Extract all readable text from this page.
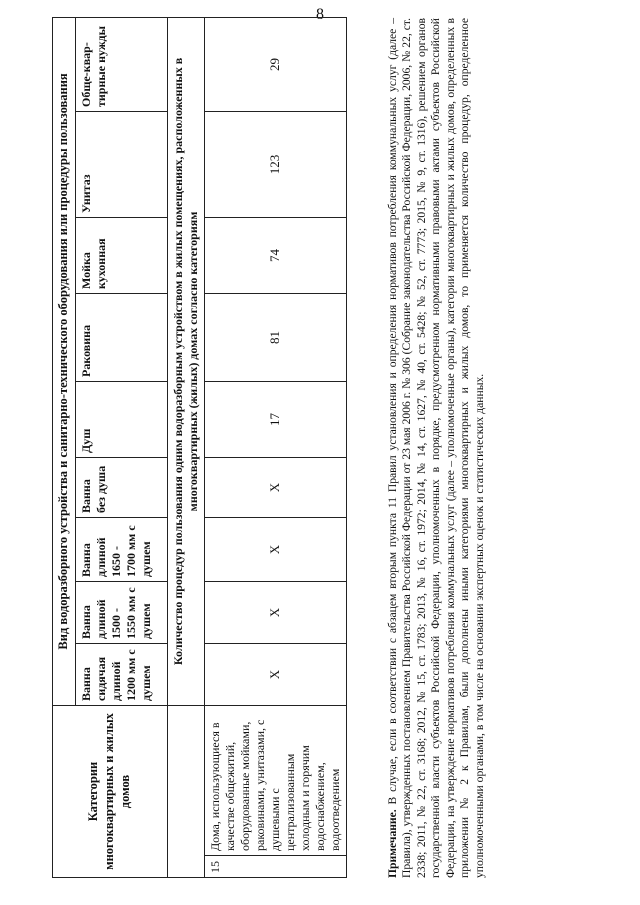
8
Категории многоквартирных и жилых домов		Вид водоразборного устройства и санитарно-технического оборудования или процедуры пользования								
		Ванна сидячая длиной 1200 мм с душем	Ванна длиной 1500 - 1550 мм с душем	Ванна длиной 1650 - 1700 мм с душем	Ванна без душа	Душ	Раковина	Мойка кухонная	Унитаз	Обще-квар-тирные нужды
		Количество процедур пользования одним водоразборным устройством в жилых помещениях, расположенных в многоквартирных (жилых) домах согласно категориям								
15	Дома, использующиеся в качестве общежитий, оборудованные мойками, раковинами, унитазами, с душевыми с централизованным холодным и горячим водоснабжением, водоотведением	X	X	X	X	17	81	74	123	29

Примечание. В случае, если в соответствии с абзацем вторым пункта 11 Правил установления и определения нормативов потребления коммунальных услуг (далее – Правила), утвержденных постановлением Правительства Российской Федерации от 23 мая 2006 г. № 306 (Собрание законодательства Российской Федерации, 2006, № 22, ст. 2338; 2011, № 22, ст. 3168; 2012, № 15, ст. 1783; 2013, № 16, ст. 1972; 2014, № 14, ст. 1627, № 40, ст. 5428; № 52, ст. 7773; 2015, № 9, ст. 1316), решением органов государственной власти субъектов Российской Федерации, уполномоченных в порядке, предусмотренном нормативными правовыми актами субъектов Российской Федерации, на утверждение нормативов потребления коммунальных услуг (далее – уполномоченные органы), категории многоквартирных и жилых домов, определенных в приложении № 2 к Правилам, были дополнены иными категориями многоквартирных и жилых домов, то применяется количество процедур, определенное уполномоченными органами, в том числе на основании экспертных оценок и статистических данных.
